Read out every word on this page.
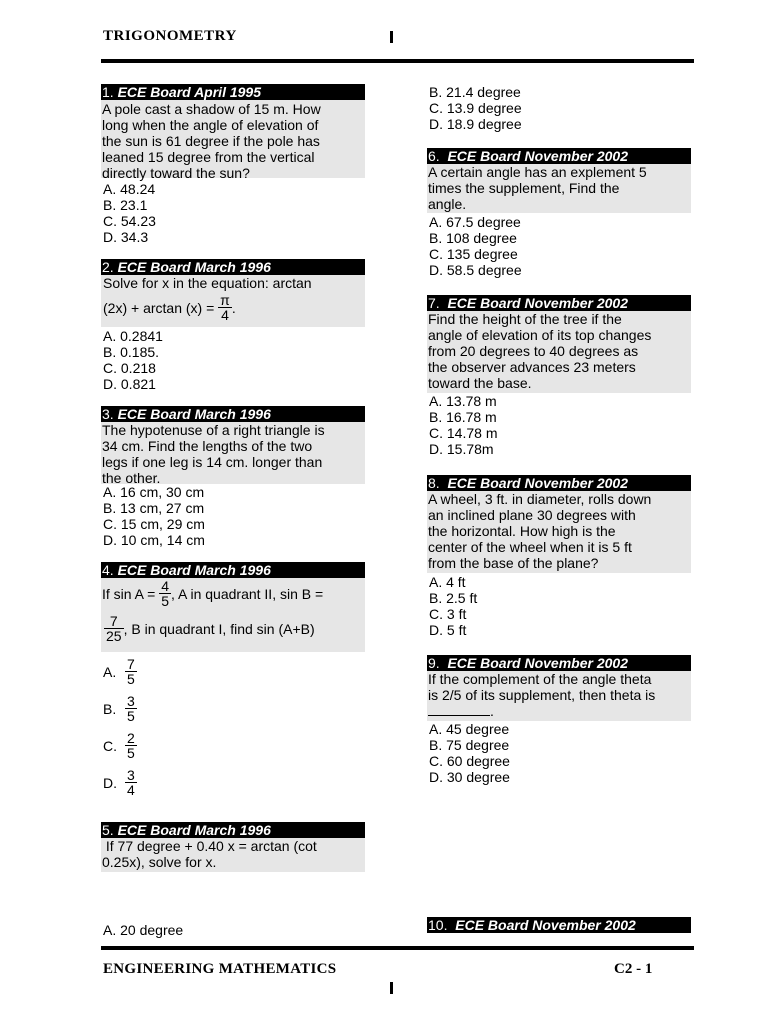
TRIGONOMETRY
1. ECE Board April 1995
A pole cast a shadow of 15 m. How
long when the angle of elevation of
the sun is 61 degree if the pole has
leaned 15 degree from the vertical
directly toward the sun?
A. 48.24
B. 23.1
C. 54.23
D. 34.3
2. ECE Board March 1996
Solve for x in the equation: arctan
(2x) + arctan (x) =
$\frac{\pi}{4}$ .
A. 0.2841
B. 0.185.
C. 0.218
D. 0.821
3. ECE Board March 1996
The hypotenuse of a right triangle is
34 cm. Find the lengths of the two
legs if one leg is 14 cm. longer than
the other.
A. 16 cm, 30 cm
B. 13 cm, 27 cm
C. 15 cm, 29 cm
D. 10 cm, 14 cm
4. ECE Board March 1996
If sin A =
$\frac{4}{5}$ , A in quadrant II, sin B =
$\frac{7}{25}$ , B in quadrant I, find sin (A+B)
A. $\frac{7}{5}$
B. $\frac{3}{5}$
C. $\frac{2}{5}$
D. $\frac{3}{4}$
5. ECE Board March 1996
If 77 degree + 0.40 x = arctan (cot
0.25x), solve for x.
A. 20 degree
B. 21.4 degree
C. 13.9 degree
D. 18.9 degree
6. ECE Board November 2002
A certain angle has an explement 5
times the supplement, Find the
angle.
A. 67.5 degree
B. 108 degree
C. 135 degree
D. 58.5 degree
7. ECE Board November 2002
Find the height of the tree if the
angle of elevation of its top changes
from 20 degrees to 40 degrees as
the observer advances 23 meters
toward the base.
A. 13.78 m
B. 16.78 m
C. 14.78 m
D. 15.78m
8. ECE Board November 2002
A wheel, 3 ft. in diameter, rolls down
an inclined plane 30 degrees with
the horizontal. How high is the
center of the wheel when it is 5 ft
from the base of the plane?
A. 4 ft
B. 2.5 ft
C. 3 ft
D. 5 ft
9. ECE Board November 2002
If the complement of the angle theta
is 2/5 of its supplement, then theta is
.
A. 45 degree
B. 75 degree
C. 60 degree
D. 30 degree
10. ECE Board November 2002
ENGINEERING MATHEMATICS	C2 - 1
